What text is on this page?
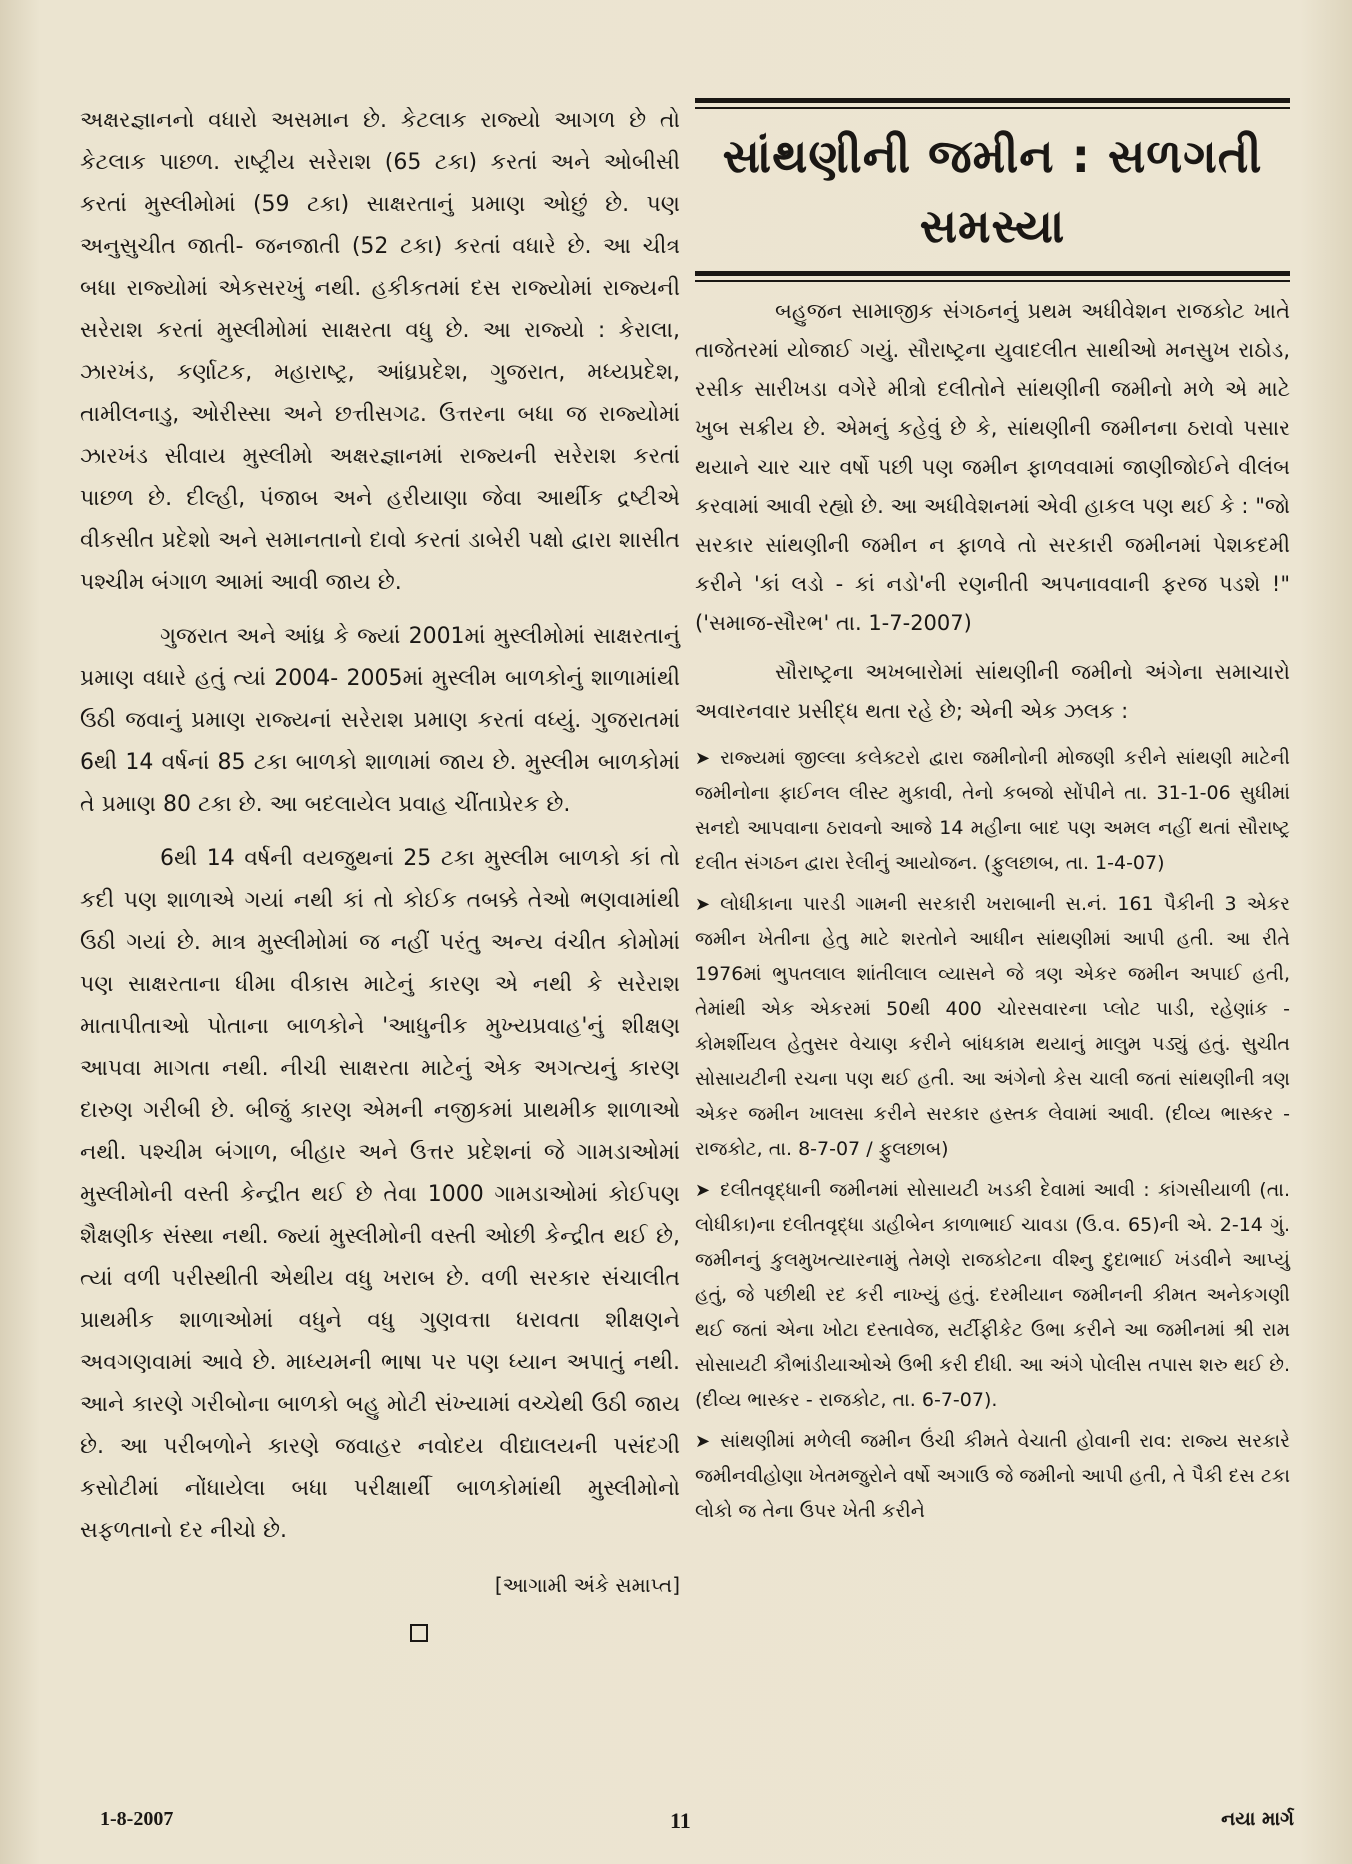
અક્ષરજ્ઞાનનો વધારો અસમાન છે. કેટલાક રાજ્યો આગળ છે તો કેટલાક પાછળ. રાષ્ટ્રીય સરેરાશ (65 ટકા) કરતાં અને ઓબીસી કરતાં મુસ્લીમોમાં (59 ટકા) સાક્ષરતાનું પ્રમાણ ઓછું છે. પણ અનુસુચીત જાતી- જનજાતી (52 ટકા) કરતાં વધારે છે. આ ચીત્ર બધા રાજ્યોમાં એકસરખું નથી. હકીકતમાં દસ રાજ્યોમાં રાજ્યની સરેરાશ કરતાં મુસ્લીમોમાં સાક્ષરતા વધુ છે. આ રાજ્યો : કેરાલા, ઝારખંડ, કર્ણાટક, મહારાષ્ટ્ર, આંધ્રપ્રદેશ, ગુજરાત, મધ્યપ્રદેશ, તામીલનાડુ, ઓરીસ્સા અને છત્તીસગઢ. ઉત્તરના બધા જ રાજ્યોમાં ઝારખંડ સીવાય મુસ્લીમો અક્ષરજ્ઞાનમાં રાજ્યની સરેરાશ કરતાં પાછળ છે. દીલ્હી, પંજાબ અને હરીયાણા જેવા આર્થીક દ્રષ્ટીએ વીકસીત પ્રદેશો અને સમાનતાનો દાવો કરતાં ડાબેરી પક્ષો દ્વારા શાસીત પશ્ચીમ બંગાળ આમાં આવી જાય છે.

ગુજરાત અને આંધ્ર કે જ્યાં 2001માં મુસ્લીમોમાં સાક્ષરતાનું પ્રમાણ વધારે હતું ત્યાં 2004- 2005માં મુસ્લીમ બાળકોનું શાળામાંથી ઉઠી જવાનું પ્રમાણ રાજ્યનાં સરેરાશ પ્રમાણ કરતાં વધ્યું. ગુજરાતમાં 6થી 14 વર્ષનાં 85 ટકા બાળકો શાળામાં જાય છે. મુસ્લીમ બાળકોમાં તે પ્રમાણ 80 ટકા છે. આ બદલાયેલ પ્રવાહ ચીંતાપ્રેરક છે.

6થી 14 વર્ષની વયજુથનાં 25 ટકા મુસ્લીમ બાળકો કાં તો કદી પણ શાળાએ ગયાં નથી કાં તો કોઈક તબક્કે તેઓ ભણવામાંથી ઉઠી ગયાં છે. માત્ર મુસ્લીમોમાં જ નહીં પરંતુ અન્ય વંચીત કોમોમાં પણ સાક્ષરતાના ધીમા વીકાસ માટેનું કારણ એ નથી કે સરેરાશ માતાપીતાઓ પોતાના બાળકોને 'આધુનીક મુખ્યપ્રવાહ'નું શીક્ષણ આપવા માગતા નથી. નીચી સાક્ષરતા માટેનું એક અગત્યનું કારણ દારુણ ગરીબી છે. બીજું કારણ એમની નજીકમાં પ્રાથમીક શાળાઓ નથી. પશ્ચીમ બંગાળ, બીહાર અને ઉત્તર પ્રદેશનાં જે ગામડાઓમાં મુસ્લીમોની વસ્તી કેન્દ્રીત થઈ છે તેવા 1000 ગામડાઓમાં કોઈપણ શૈક્ષણીક સંસ્થા નથી. જ્યાં મુસ્લીમોની વસ્તી ઓછી કેન્દ્રીત થઈ છે, ત્યાં વળી પરીસ્થીતી એથીય વધુ ખરાબ છે. વળી સરકાર સંચાલીત પ્રાથમીક શાળાઓમાં વધુને વધુ ગુણવત્તા ધરાવતા શીક્ષણને અવગણવામાં આવે છે. માધ્યમની ભાષા પર પણ ધ્યાન અપાતું નથી. આને કારણે ગરીબોના બાળકો બહુ મોટી સંખ્યામાં વચ્ચેથી ઉઠી જાય છે. આ પરીબળોને કારણે જવાહર નવોદય વીદ્યાલયની પસંદગી કસોટીમાં નોંધાયેલા બધા પરીક્ષાર્થી બાળકોમાંથી મુસ્લીમોનો સફળતાનો દર નીચો છે.

[આગામી અંકે સમાપ્ત]
સાંથણીની જમીન : સળગતી
સમસ્યા

બહુજન સામાજીક સંગઠનનું પ્રથમ અધીવેશન રાજકોટ ખાતે તાજેતરમાં યોજાઈ ગયું. સૌરાષ્ટ્રના યુવાદલીત સાથીઓ મનસુખ રાઠોડ, રસીક સારીખડા વગેરે મીત્રો દલીતોને સાંથણીની જમીનો મળે એ માટે ખુબ સક્રીય છે. એમનું કહેવું છે કે, સાંથણીની જમીનના ઠરાવો પસાર થયાને ચાર ચાર વર્ષો પછી પણ જમીન ફાળવવામાં જાણીજોઈને વીલંબ કરવામાં આવી રહ્યો છે. આ અધીવેશનમાં એવી હાકલ પણ થઈ કે : "જો સરકાર સાંથણીની જમીન ન ફાળવે તો સરકારી જમીનમાં પેશકદમી કરીને 'કાં લડો - કાં નડો'ની રણનીતી અપનાવવાની ફરજ પડશે !" ('સમાજ-સૌરભ' તા. 1-7-2007)

સૌરાષ્ટ્રના અખબારોમાં સાંથણીની જમીનો અંગેના સમાચારો અવારનવાર પ્રસીદ્ધ થતા રહે છે; એની એક ઝલક :

➤ રાજ્યમાં જીલ્લા કલેક્ટરો દ્વારા જમીનોની મોજણી કરીને સાંથણી માટેની જમીનોના ફાઈનલ લીસ્ટ મુકાવી, તેનો કબજો સોંપીને તા. 31-1-06 સુધીમાં સનદો આપવાના ઠરાવનો આજે 14 મહીના બાદ પણ અમલ નહીં થતાં સૌરાષ્ટ્ર દલીત સંગઠન દ્વારા રેલીનું આયોજન. (ફુલછાબ, તા. 1-4-07)

➤ લોધીકાના પારડી ગામની સરકારી ખરાબાની સ.નં. 161 પૈકીની 3 એકર જમીન ખેતીના હેતુ માટે શરતોને આધીન સાંથણીમાં આપી હતી. આ રીતે 1976માં ભુપતલાલ શાંતીલાલ વ્યાસને જે ત્રણ એકર જમીન અપાઈ હતી, તેમાંથી એક એકરમાં 50થી 400 ચોરસવારના પ્લોટ પાડી, રહેણાંક - કોમર્શીયલ હેતુસર વેચાણ કરીને બાંધકામ થયાનું માલુમ પડ્યું હતું. સુચીત સોસાયટીની રચના પણ થઈ હતી. આ અંગેનો કેસ ચાલી જતાં સાંથણીની ત્રણ એકર જમીન ખાલસા કરીને સરકાર હસ્તક લેવામાં આવી. (દીવ્ય ભાસ્કર - રાજકોટ, તા. 8-7-07 / ફુલછાબ)

➤ દલીતવૃદ્ધાની જમીનમાં સોસાયટી ખડકી દેવામાં આવી : કાંગસીયાળી (તા. લોધીકા)ના દલીતવૃદ્ધા ડાહીબેન કાળાભાઈ ચાવડા (ઉ.વ. 65)ની એ. 2-14 ગું. જમીનનું કુલમુખત્યારનામું તેમણે રાજકોટના વીશ્નુ દુદાભાઈ ખંડવીને આપ્યું હતું, જે પછીથી રદ કરી નાખ્યું હતું. દરમીયાન જમીનની કીમત અનેકગણી થઈ જતાં એના ખોટા દસ્તાવેજ, સર્ટીફીકેટ ઉભા કરીને આ જમીનમાં શ્રી રામ સોસાયટી કૌભાંડીયાઓએ ઉભી કરી દીધી. આ અંગે પોલીસ તપાસ શરુ થઈ છે. (દીવ્ય ભાસ્કર - રાજકોટ, તા. 6-7-07).

➤ સાંથણીમાં મળેલી જમીન ઉંચી કીમતે વેચાતી હોવાની રાવ: રાજ્ય સરકારે જમીનવીહોણા ખેતમજુરોને વર્ષો અગાઉ જે જમીનો આપી હતી, તે પૈકી દસ ટકા લોકો જ તેના ઉપર ખેતી કરીને

1-8-2007	11	નયા માર્ગ
